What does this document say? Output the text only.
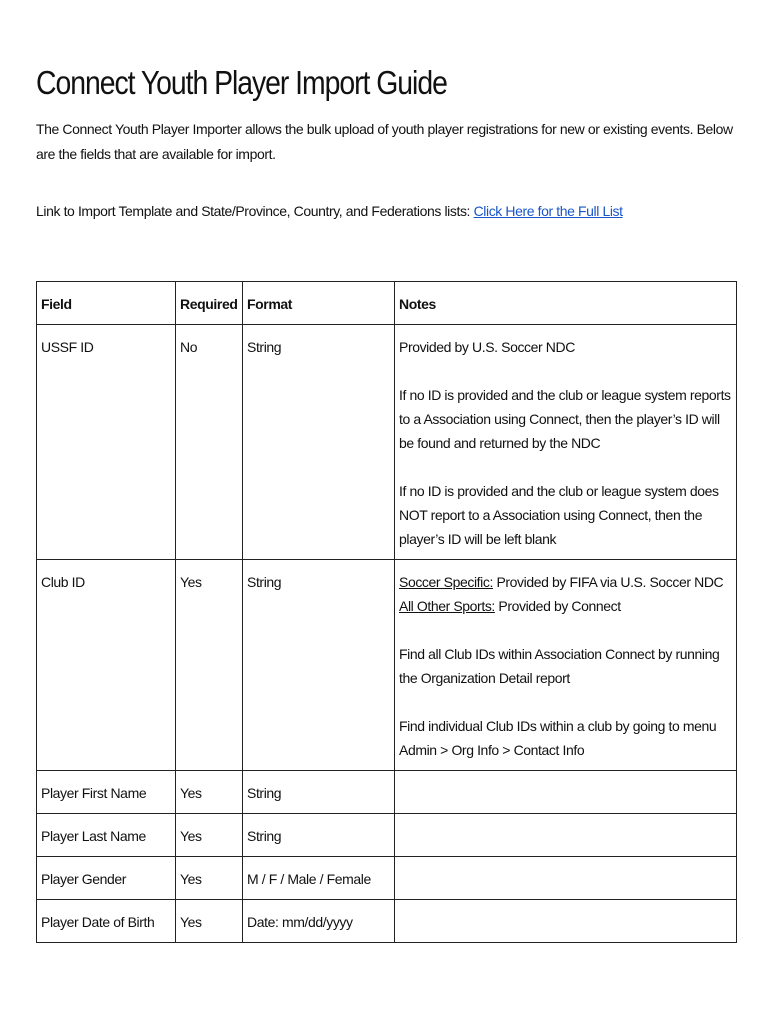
Connect Youth Player Import Guide

The Connect Youth Player Importer allows the bulk upload of youth player registrations for new or existing events. Below are the fields that are available for import.

Link to Import Template and State/Province, Country, and Federations lists: Click Here for the Full List

Field	Required	Format	Notes
USSF ID	No	String	Provided by U.S. Soccer NDC

If no ID is provided and the club or league system reports to a Association using Connect, then the player’s ID will be found and returned by the NDC

If no ID is provided and the club or league system does NOT report to a Association using Connect, then the player’s ID will be left blank

Club ID	Yes	String	Soccer Specific: Provided by FIFA via U.S. Soccer NDC
All Other Sports: Provided by Connect

Find all Club IDs within Association Connect by running the Organization Detail report

Find individual Club IDs within a club by going to menu Admin > Org Info > Contact Info

Player First Name	Yes	String	
Player Last Name	Yes	String	
Player Gender	Yes	M / F / Male / Female	
Player Date of Birth	Yes	Date: mm/dd/yyyy	
